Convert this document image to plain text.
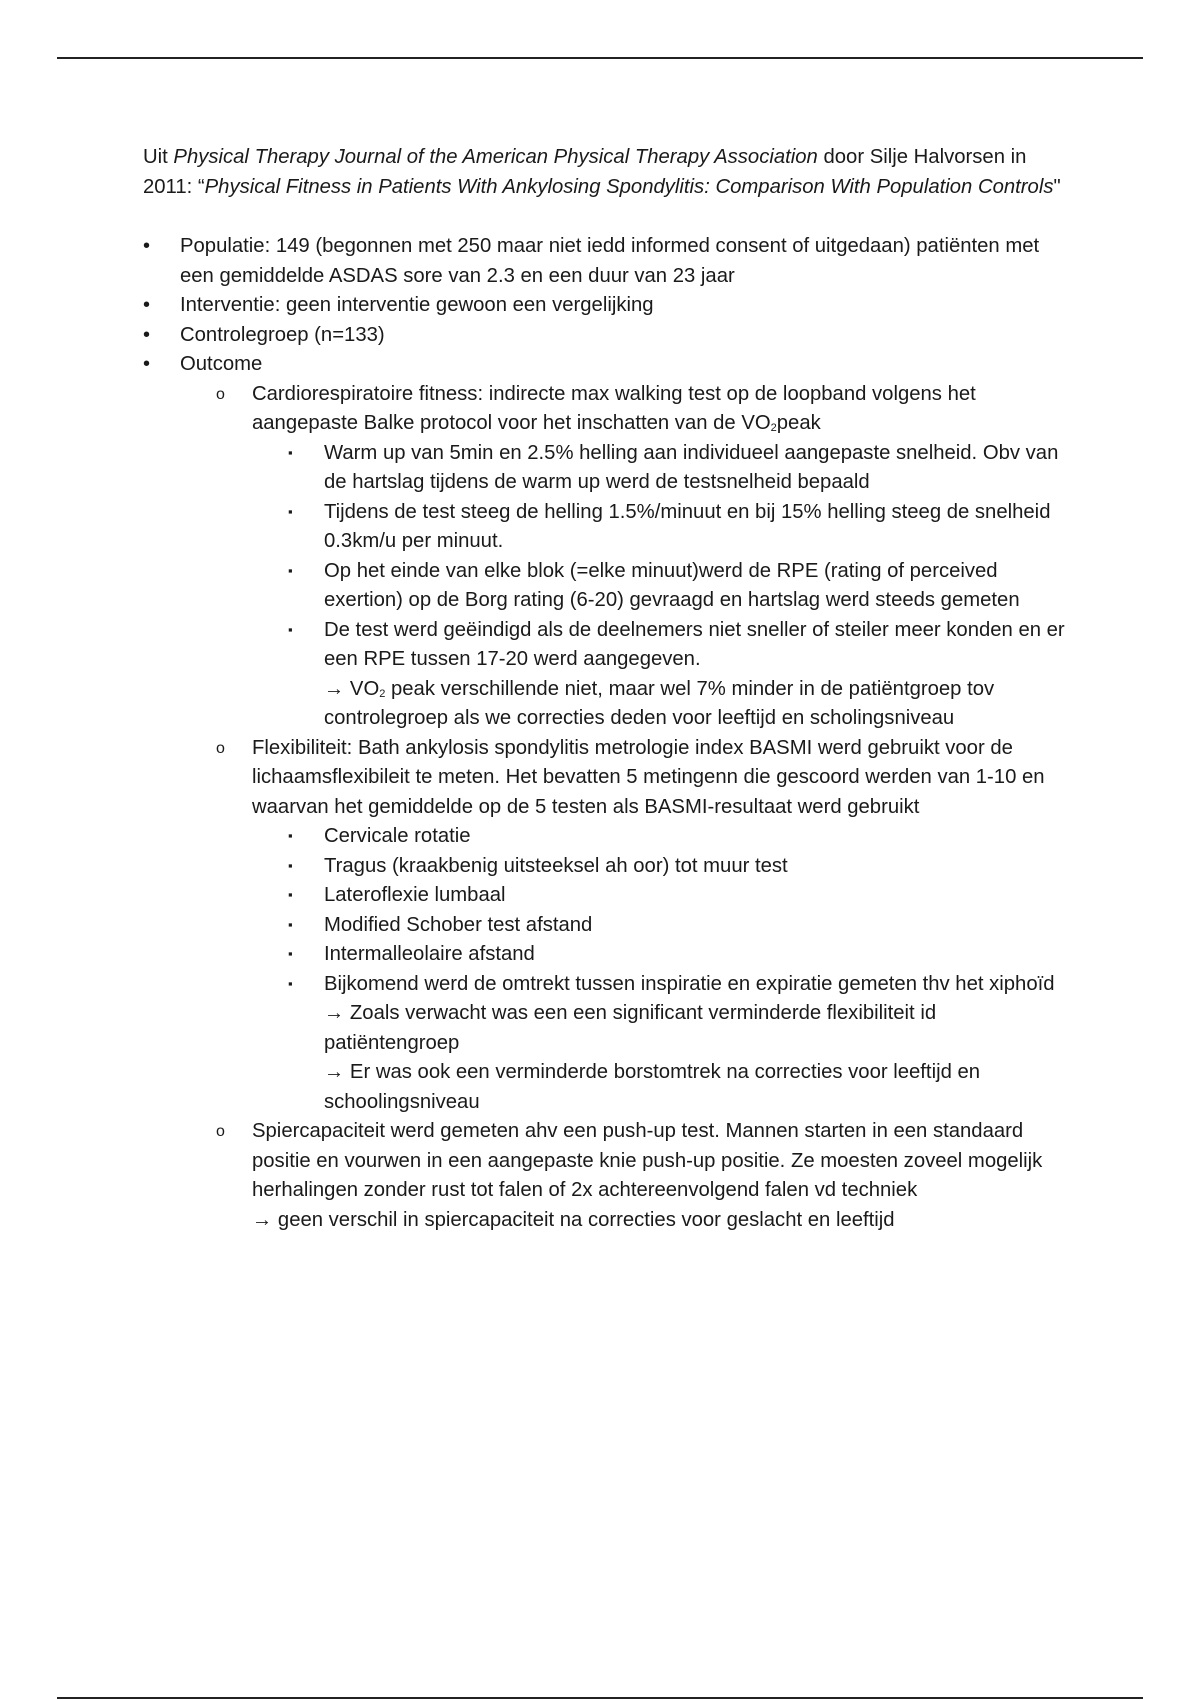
Uit Physical Therapy Journal of the American Physical Therapy Association door Silje Halvorsen in 2011: “Physical Fitness in Patients With Ankylosing Spondylitis: Comparison With Population Controls"

• Populatie: 149 (begonnen met 250 maar niet iedd informed consent of uitgedaan) patiënten met een gemiddelde ASDAS sore van 2.3 en een duur van 23 jaar
• Interventie: geen interventie gewoon een vergelijking
• Controlegroep (n=133)
• Outcome
o Cardiorespiratoire fitness: indirecte max walking test op de loopband volgens het aangepaste Balke protocol voor het inschatten van de $VO_2peak$
▪ Warm up van 5min en 2.5% helling aan individueel aangepaste snelheid. Obv van de hartslag tijdens de warm up werd de testsnelheid bepaald
▪ Tijdens de test steeg de helling 1.5%/minuut en bij 15% helling steeg de snelheid 0.3km/u per minuut.
▪ Op het einde van elke blok (=elke minuut)werd de RPE (rating of perceived exertion) op de Borg rating (6-20) gevraagd en hartslag werd steeds gemeten
▪ De test werd geëindigd als de deelnemers niet sneller of steiler meer konden en er een RPE tussen 17-20 werd aangegeven.
→ $VO_2$ peak verschillende niet, maar wel 7% minder in de patiëntgroep tov controlegroep als we correcties deden voor leeftijd en scholingsniveau
o Flexibiliteit: Bath ankylosis spondylitis metrologie index BASMI werd gebruikt voor de lichaamsflexibileit te meten. Het bevatten 5 metingenn die gescoord werden van 1-10 en waarvan het gemiddelde op de 5 testen als BASMI-resultaat werd gebruikt
▪ Cervicale rotatie
▪ Tragus (kraakbenig uitsteeksel ah oor) tot muur test
▪ Lateroflexie lumbaal
▪ Modified Schober test afstand
▪ Intermalleolaire afstand
▪ Bijkomend werd de omtrekt tussen inspiratie en expiratie gemeten thv het xiphoïd
→ Zoals verwacht was een een significant verminderde flexibiliteit id patiëntengroep
→ Er was ook een verminderde borstomtrek na correcties voor leeftijd en schoolingsniveau
o Spiercapaciteit werd gemeten ahv een push-up test. Mannen starten in een standaard positie en vourwen in een aangepaste knie push-up positie. Ze moesten zoveel mogelijk herhalingen zonder rust tot falen of 2x achtereenvolgend falen vd techniek
→ geen verschil in spiercapaciteit na correcties voor geslacht en leeftijd
